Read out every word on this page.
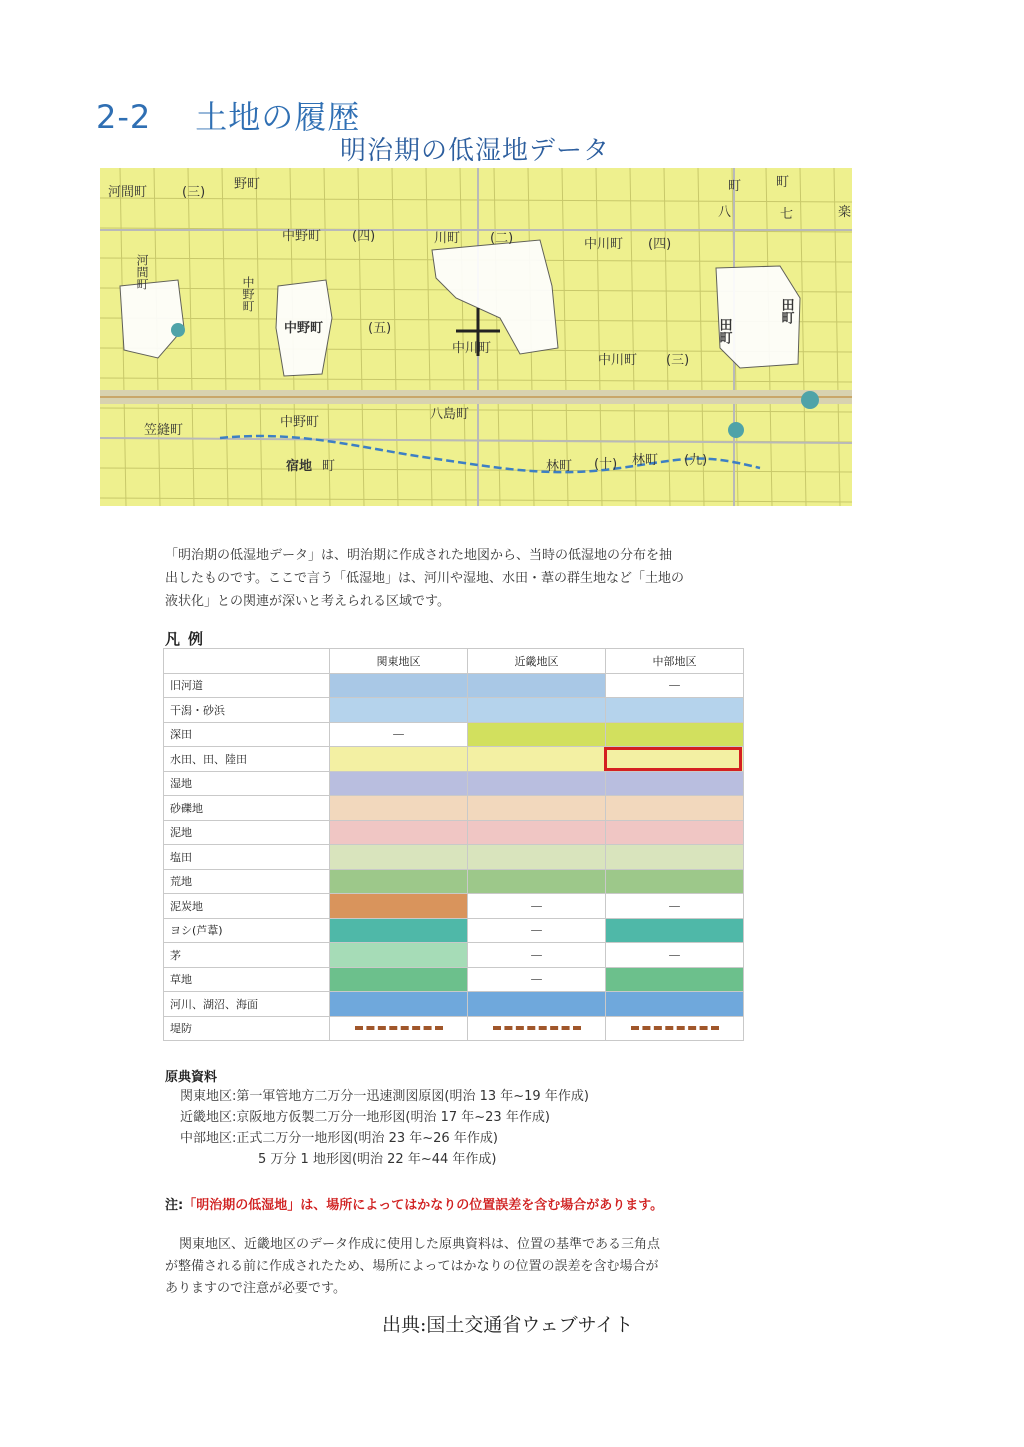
2-2 土地の履歴
明治期の低湿地データ
河間町	(三)
野町	町	町
八	七	楽
中野町 (四)	川町 (二)	中川町 (四)
河間町
中野町
中野町	(五)
中川町
中川町 (三)
田町
田町
笠縫町
中野町
八島町
宿地 町	林町 (十) 林町 (九)
「明治期の低湿地データ」は、明治期に作成された地図から、当時の低湿地の分布を抽
出したものです。ここで言う「低湿地」は、河川や湿地、水田・葦の群生地など「土地の
液状化」との関連が深いと考えられる区域です。
凡例
	関東地区	近畿地区	中部地区
旧河道			—
干潟・砂浜			
深田	—		
水田、田、陸田			
湿地			
砂礫地			
泥地			
塩田			
荒地			
泥炭地		—	—
ヨシ(芦葦)		—	
茅		—	—
草地		—	
河川、湖沼、海面			
堤防	

原典資料
関東地区:第一軍管地方二万分一迅速測図原図(明治 13 年~19 年作成)
近畿地区:京阪地方仮製二万分一地形図(明治 17 年~23 年作成)
中部地区:正式二万分一地形図(明治 23 年~26 年作成)
5 万分 1 地形図(明治 22 年~44 年作成)
注:「明治期の低湿地」は、場所によってはかなりの位置誤差を含む場合があります。
関東地区、近畿地区のデータ作成に使用した原典資料は、位置の基準である三角点
が整備される前に作成されたため、場所によってはかなりの位置の誤差を含む場合が
ありますので注意が必要です。
出典:国土交通省ウェブサイト
